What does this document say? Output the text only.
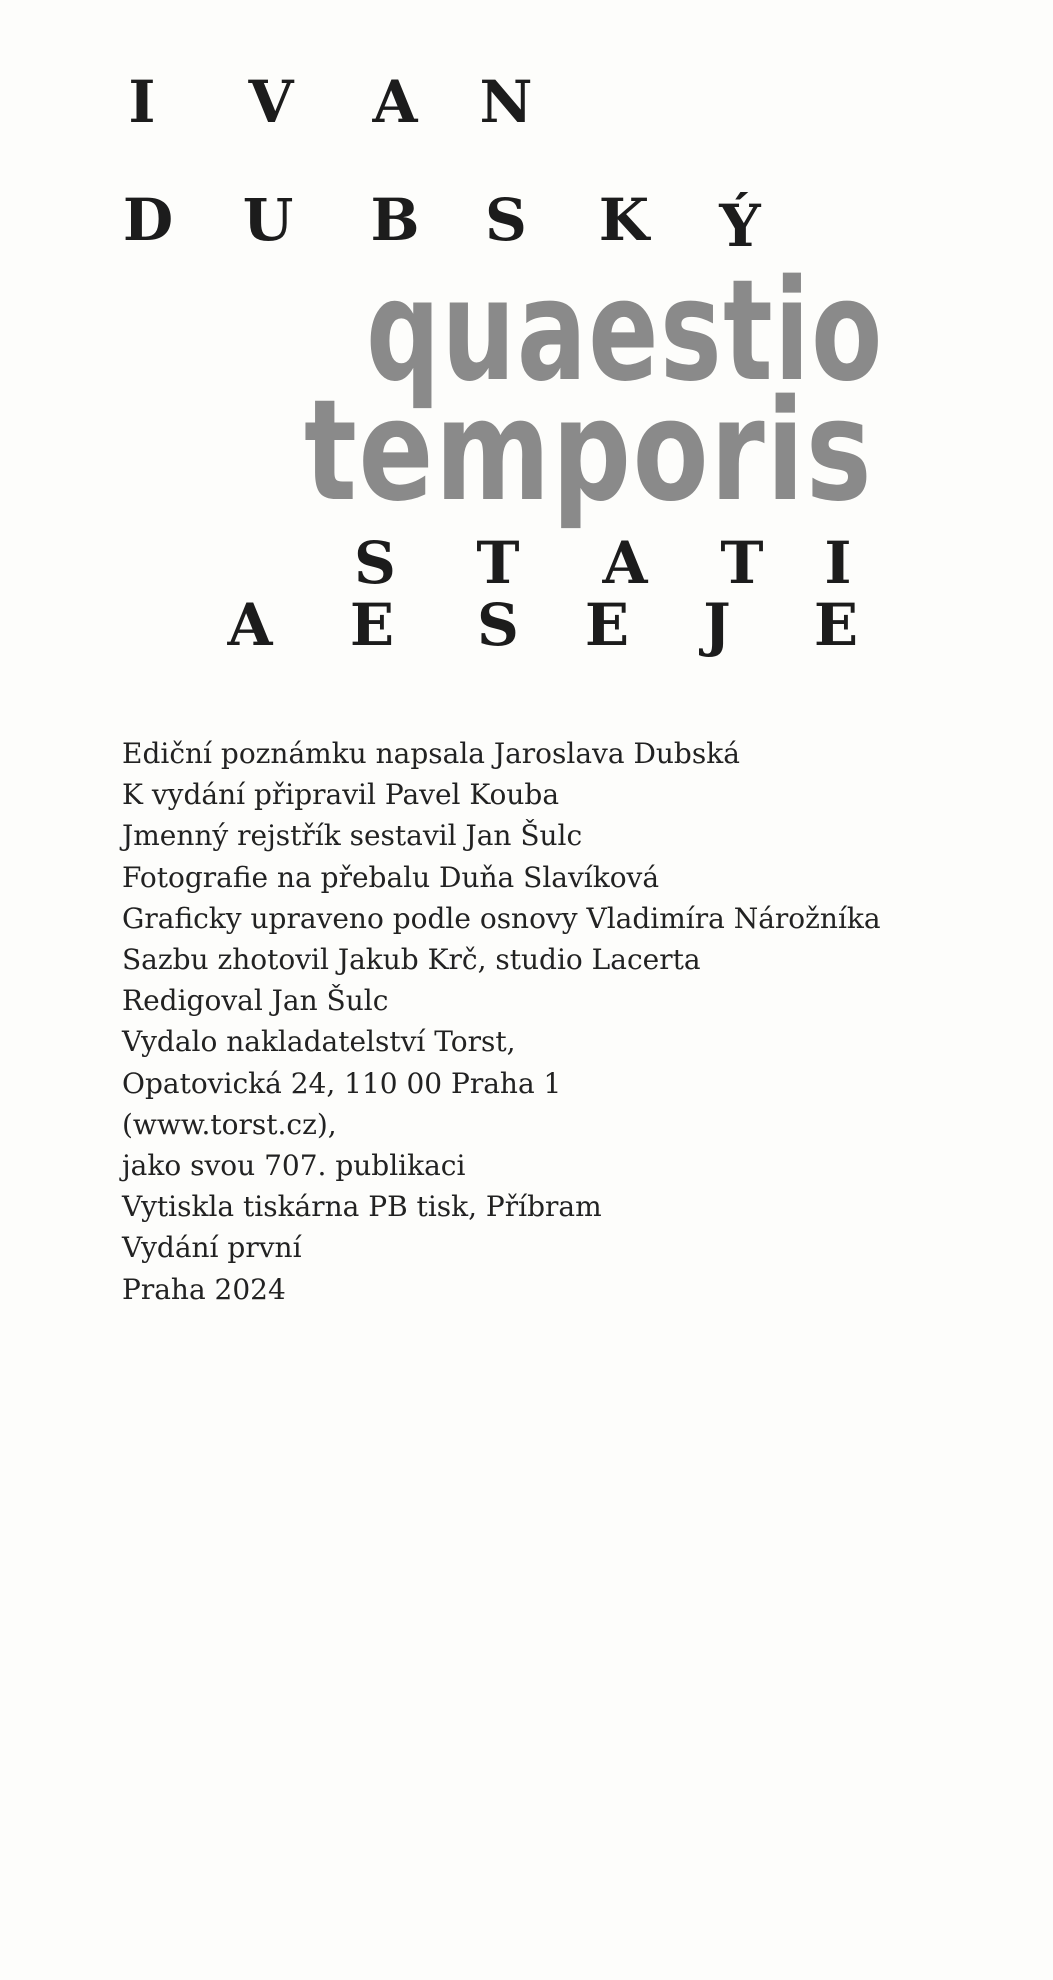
I	V A N
D U B S K Ý
quaestio
temporis
S T A T	I
A E S E	J	E
Ediční poznámku napsala Jaroslava Dubská
K vydání připravil Pavel Kouba
Jmenný rejstřík sestavil Jan Šulc
Fotografie na přebalu Duňa Slavíková
Graficky upraveno podle osnovy Vladimíra Nárožníka
Sazbu zhotovil Jakub Krč, studio Lacerta
Redigoval Jan Šulc
Vydalo nakladatelství Torst,
Opatovická 24, 110 00 Praha 1
(www.torst.cz),
jako svou 707. publikaci
Vytiskla tiskárna PB tisk, Příbram
Vydání první
Praha 2024
